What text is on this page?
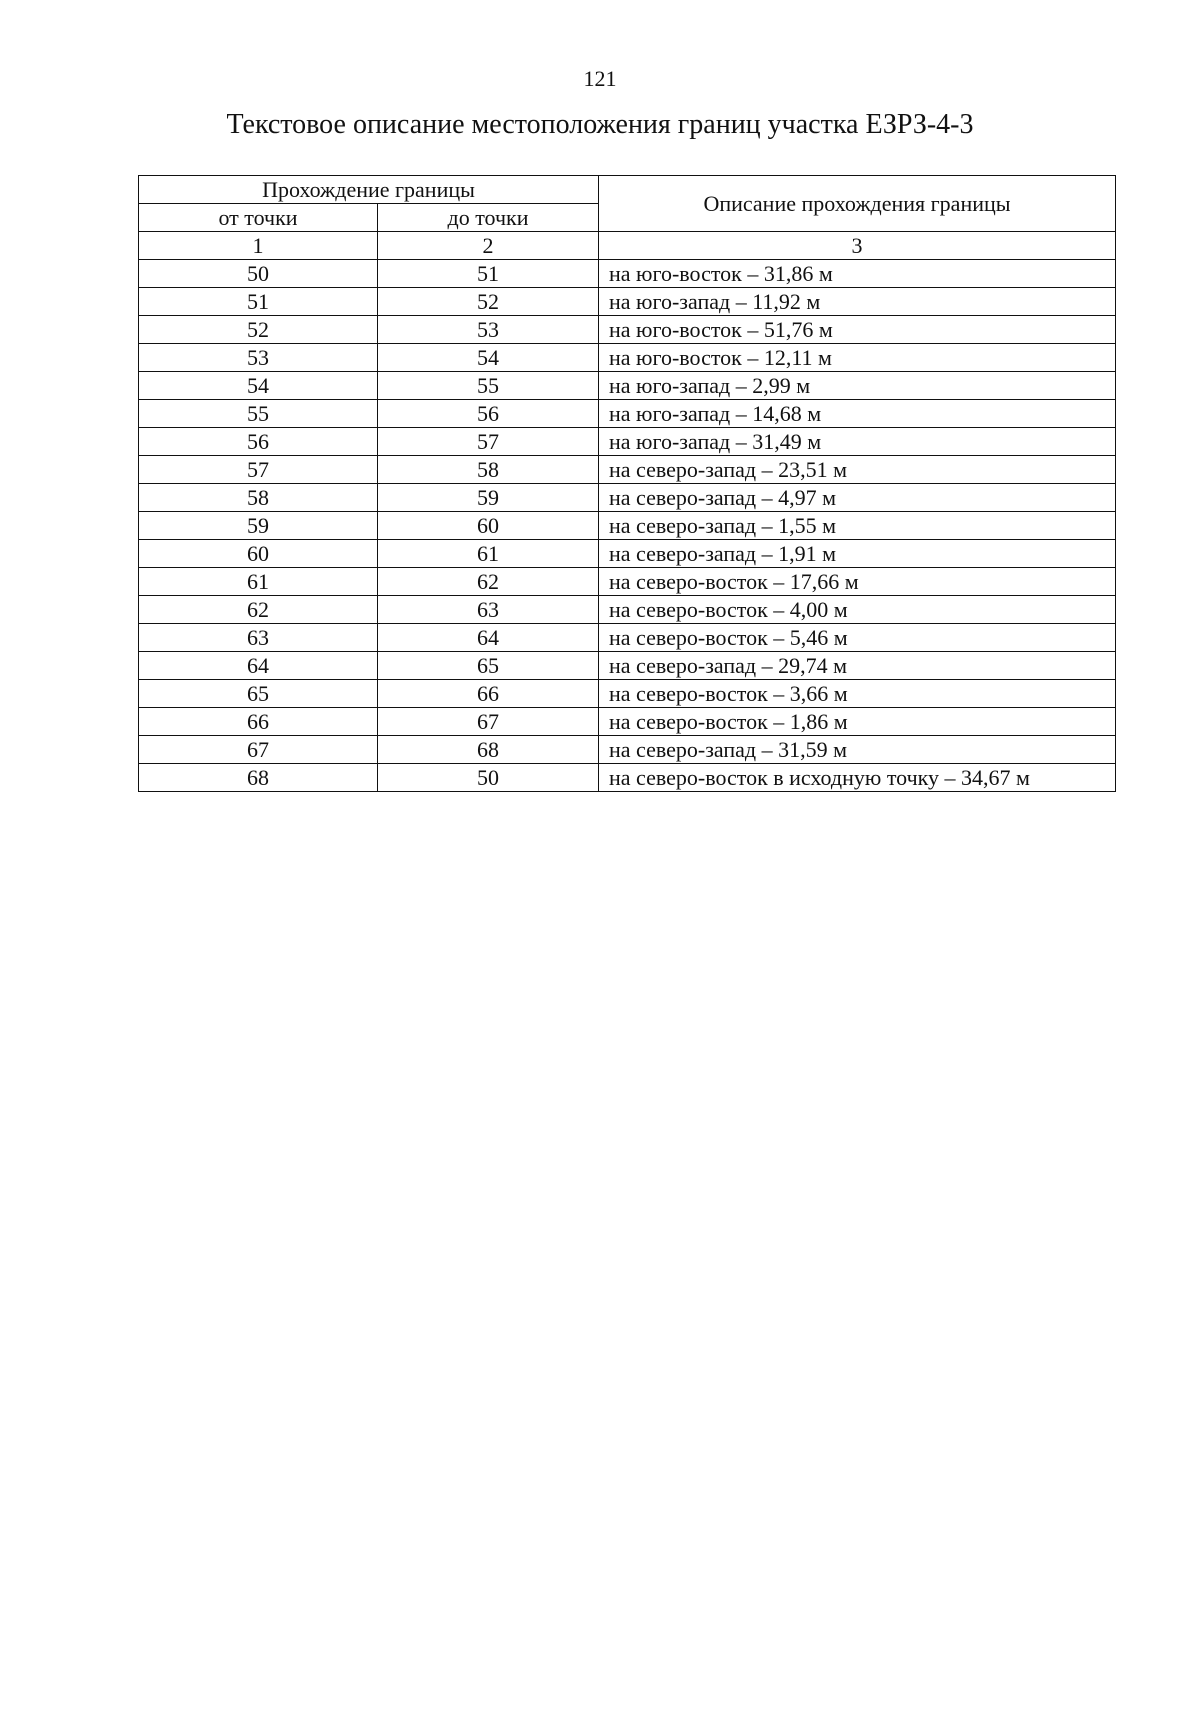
121
Текстовое описание местоположения границ участка ЕЗРЗ-4-3
Прохождение границы		Описание прохождения границы
от точки	до точки	
1	2	3
50	51	на юго-восток – 31,86 м
51	52	на юго-запад – 11,92 м
52	53	на юго-восток – 51,76 м
53	54	на юго-восток – 12,11 м
54	55	на юго-запад – 2,99 м
55	56	на юго-запад – 14,68 м
56	57	на юго-запад – 31,49 м
57	58	на северо-запад – 23,51 м
58	59	на северо-запад – 4,97 м
59	60	на северо-запад – 1,55 м
60	61	на северо-запад – 1,91 м
61	62	на северо-восток – 17,66 м
62	63	на северо-восток – 4,00 м
63	64	на северо-восток – 5,46 м
64	65	на северо-запад – 29,74 м
65	66	на северо-восток – 3,66 м
66	67	на северо-восток – 1,86 м
67	68	на северо-запад – 31,59 м
68	50	на северо-восток в исходную точку – 34,67 м
